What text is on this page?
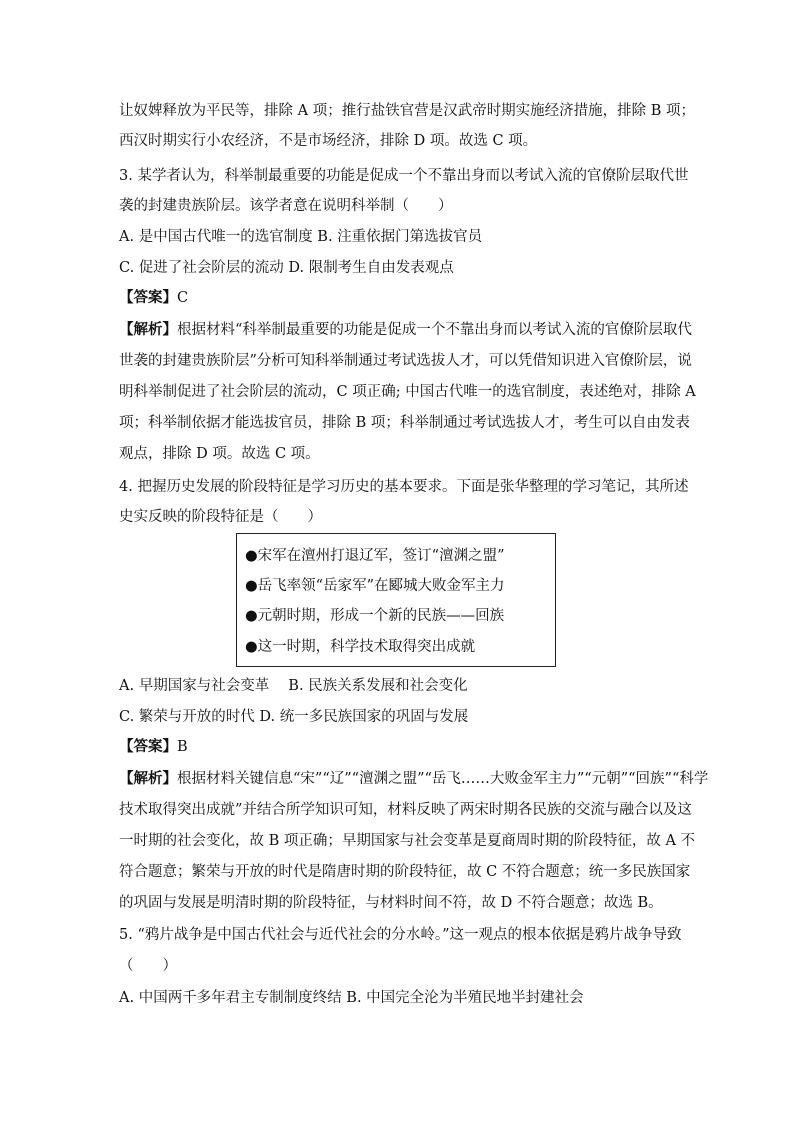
让奴婢释放为平民等，排除 A 项；推行盐铁官营是汉武帝时期实施经济措施，排除 B 项；
西汉时期实行小农经济，不是市场经济，排除 D 项。故选 C 项。
3. 某学者认为，科举制最重要的功能是促成一个不靠出身而以考试入流的官僚阶层取代世
袭的封建贵族阶层。该学者意在说明科举制（　　）
A. 是中国古代唯一的选官制度 B. 注重依据门第选拔官员
C. 促进了社会阶层的流动 D. 限制考生自由发表观点
【答案】C
【解析】根据材料“科举制最重要的功能是促成一个不靠出身而以考试入流的官僚阶层取代
世袭的封建贵族阶层”分析可知科举制通过考试选拔人才，可以凭借知识进入官僚阶层，说
明科举制促进了社会阶层的流动，C 项正确; 中国古代唯一的选官制度，表述绝对，排除 A
项；科举制依据才能选拔官员，排除 B 项；科举制通过考试选拔人才，考生可以自由发表
观点，排除 D 项。故选 C 项。
4. 把握历史发展的阶段特征是学习历史的基本要求。下面是张华整理的学习笔记，其所述
史实反映的阶段特征是（　　）
●宋军在澶州打退辽军，签订“澶渊之盟”
●岳飞率领“岳家军”在郾城大败金军主力
●元朝时期，形成一个新的民族——回族
●这一时期，科学技术取得突出成就
A. 早期国家与社会变革　 B. 民族关系发展和社会变化
C. 繁荣与开放的时代 D. 统一多民族国家的巩固与发展
【答案】B
【解析】根据材料关键信息“宋”“辽”“澶渊之盟”“岳飞……大败金军主力”“元朝”“回族”“科学
技术取得突出成就”并结合所学知识可知，材料反映了两宋时期各民族的交流与融合以及这
一时期的社会变化，故 B 项正确；早期国家与社会变革是夏商周时期的阶段特征，故 A 不
符合题意；繁荣与开放的时代是隋唐时期的阶段特征，故 C 不符合题意；统一多民族国家
的巩固与发展是明清时期的阶段特征，与材料时间不符，故 D 不符合题意；故选 B。
5. “鸦片战争是中国古代社会与近代社会的分水岭。”这一观点的根本依据是鸦片战争导致
（　　）
A. 中国两千多年君主专制制度终结 B. 中国完全沦为半殖民地半封建社会
